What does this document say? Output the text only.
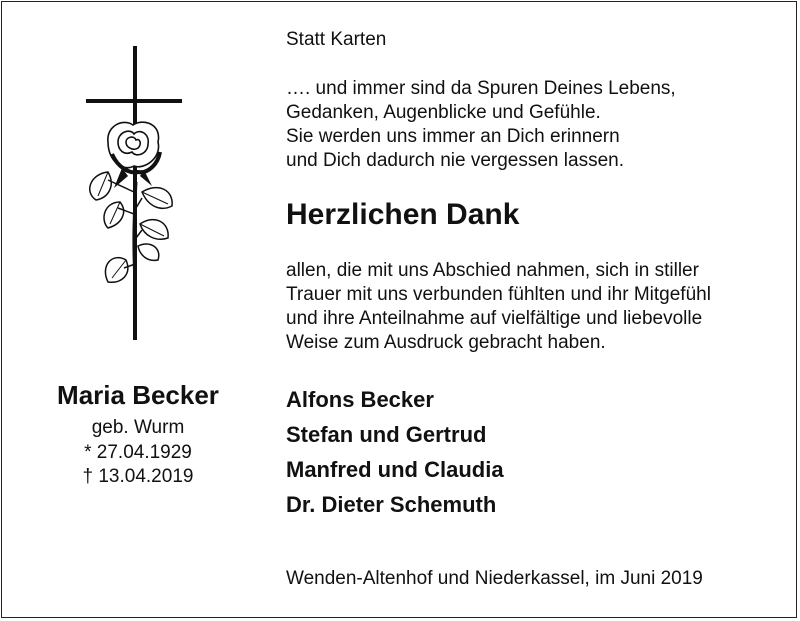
Maria Becker
geb. Wurm
* 27.04.1929
† 13.04.2019
Statt Karten
…. und immer sind da Spuren Deines Lebens,
Gedanken, Augenblicke und Gefühle.
Sie werden uns immer an Dich erinnern
und Dich dadurch nie vergessen lassen.
Herzlichen Dank
allen, die mit uns Abschied nahmen, sich in stiller
Trauer mit uns verbunden fühlten und ihr Mitgefühl
und ihre Anteilnahme auf vielfältige und liebevolle
Weise zum Ausdruck gebracht haben.
Alfons Becker
Stefan und Gertrud
Manfred und Claudia
Dr. Dieter Schemuth
Wenden-Altenhof und Niederkassel, im Juni 2019
